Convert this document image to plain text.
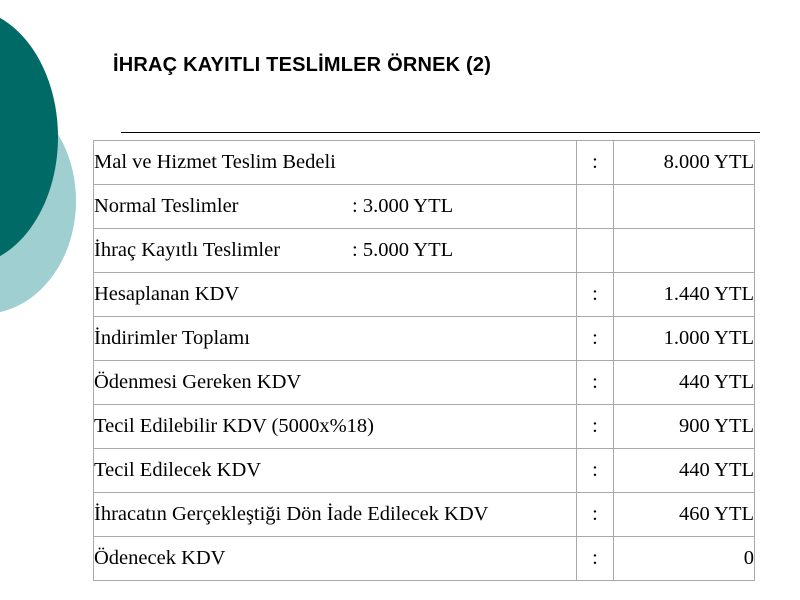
İHRAÇ KAYITLI TESLİMLER ÖRNEK (2)
Mal ve Hizmet Teslim Bedeli	:	8.000 YTL
Normal Teslimler : 3.000 YTL		
İhraç Kayıtlı Teslimler : 5.000 YTL		
Hesaplanan KDV	:	1.440 YTL
İndirimler Toplamı	:	1.000 YTL
Ödenmesi Gereken KDV	:	440 YTL
Tecil Edilebilir KDV (5000x%18)	:	900 YTL
Tecil Edilecek KDV	:	440 YTL
İhracatın Gerçekleştiği Dön İade Edilecek KDV	:	460 YTL
Ödenecek KDV	:	0
